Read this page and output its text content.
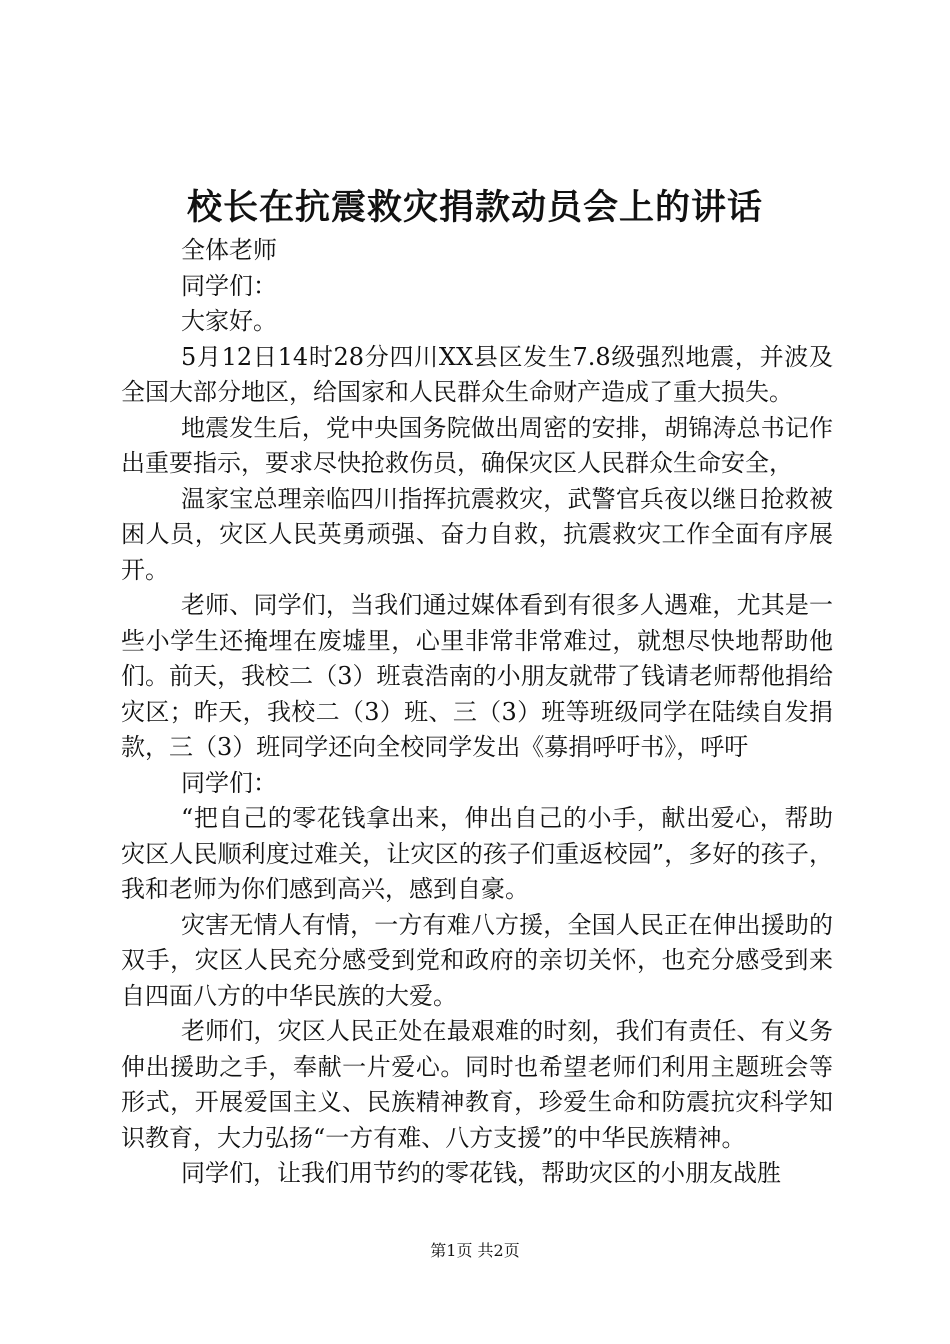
校长在抗震救灾捐款动员会上的讲话

全体老师

同学们：

大家好。

5月12日14时28分四川XX县区发生7.8级强烈地震，并波及全国大部分地区，给国家和人民群众生命财产造成了重大损失。

地震发生后，党中央国务院做出周密的安排，胡锦涛总书记作出重要指示，要求尽快抢救伤员，确保灾区人民群众生命安全，

温家宝总理亲临四川指挥抗震救灾，武警官兵夜以继日抢救被困人员，灾区人民英勇顽强、奋力自救，抗震救灾工作全面有序展开。

老师、同学们，当我们通过媒体看到有很多人遇难，尤其是一些小学生还掩埋在废墟里，心里非常非常难过，就想尽快地帮助他们。前天，我校二（3）班袁浩南的小朋友就带了钱请老师帮他捐给灾区；昨天，我校二（3）班、三（3）班等班级同学在陆续自发捐款，三（3）班同学还向全校同学发出《募捐呼吁书》，呼吁

同学们：

“把自己的零花钱拿出来，伸出自己的小手，献出爱心，帮助灾区人民顺利度过难关，让灾区的孩子们重返校园”，多好的孩子，我和老师为你们感到高兴，感到自豪。

灾害无情人有情，一方有难八方援，全国人民正在伸出援助的双手，灾区人民充分感受到党和政府的亲切关怀，也充分感受到来自四面八方的中华民族的大爱。

老师们，灾区人民正处在最艰难的时刻，我们有责任、有义务伸出援助之手，奉献一片爱心。同时也希望老师们利用主题班会等形式，开展爱国主义、民族精神教育，珍爱生命和防震抗灾科学知识教育，大力弘扬“一方有难、八方支援”的中华民族精神。

同学们，让我们用节约的零花钱，帮助灾区的小朋友战胜

第1页 共2页
